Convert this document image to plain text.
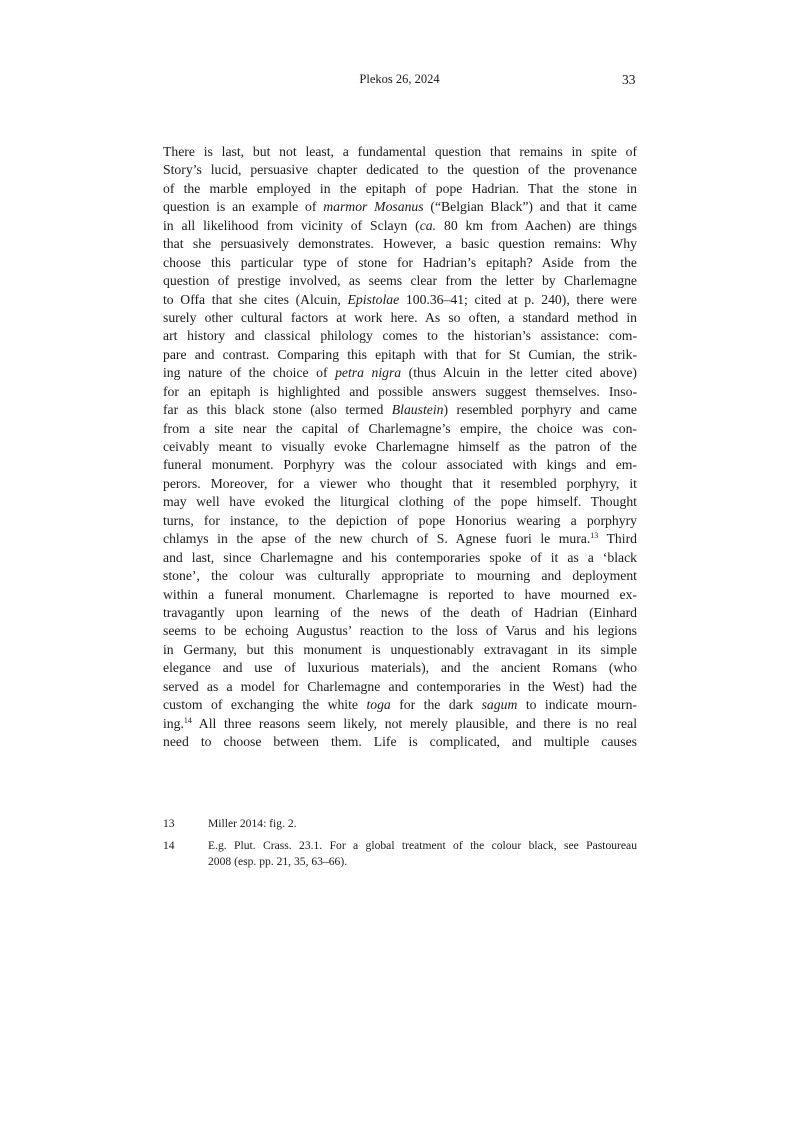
Plekos 26, 2024	33
There is last, but not least, a fundamental question that remains in spite of
Story’s lucid, persuasive chapter dedicated to the question of the provenance
of the marble employed in the epitaph of pope Hadrian. That the stone in
question is an example of marmor Mosanus (“Belgian Black”) and that it came
in all likelihood from vicinity of Sclayn (ca. 80 km from Aachen) are things
that she persuasively demonstrates. However, a basic question remains: Why
choose this particular type of stone for Hadrian’s epitaph? Aside from the
question of prestige involved, as seems clear from the letter by Charlemagne
to Offa that she cites (Alcuin, Epistolae 100.36–41; cited at p. 240), there were
surely other cultural factors at work here. As so often, a standard method in
art history and classical philology comes to the historian’s assistance: com-
pare and contrast. Comparing this epitaph with that for St Cumian, the strik-
ing nature of the choice of petra nigra (thus Alcuin in the letter cited above)
for an epitaph is highlighted and possible answers suggest themselves. Inso-
far as this black stone (also termed Blaustein) resembled porphyry and came
from a site near the capital of Charlemagne’s empire, the choice was con-
ceivably meant to visually evoke Charlemagne himself as the patron of the
funeral monument. Porphyry was the colour associated with kings and em-
perors. Moreover, for a viewer who thought that it resembled porphyry, it
may well have evoked the liturgical clothing of the pope himself. Thought
turns, for instance, to the depiction of pope Honorius wearing a porphyry
chlamys in the apse of the new church of S. Agnese fuori le mura.$^{13}$ Third
and last, since Charlemagne and his contemporaries spoke of it as a ‘black
stone’, the colour was culturally appropriate to mourning and deployment
within a funeral monument. Charlemagne is reported to have mourned ex-
travagantly upon learning of the news of the death of Hadrian (Einhard
seems to be echoing Augustus’ reaction to the loss of Varus and his legions
in Germany, but this monument is unquestionably extravagant in its simple
elegance and use of luxurious materials), and the ancient Romans (who
served as a model for Charlemagne and contemporaries in the West) had the
custom of exchanging the white toga for the dark sagum to indicate mourn-
ing.$^{14}$ All three reasons seem likely, not merely plausible, and there is no real
need to choose between them. Life is complicated, and multiple causes
13	Miller 2014: fig. 2.
14	E.g. Plut. Crass. 23.1. For a global treatment of the colour black, see Pastoureau
2008 (esp. pp. 21, 35, 63–66).
